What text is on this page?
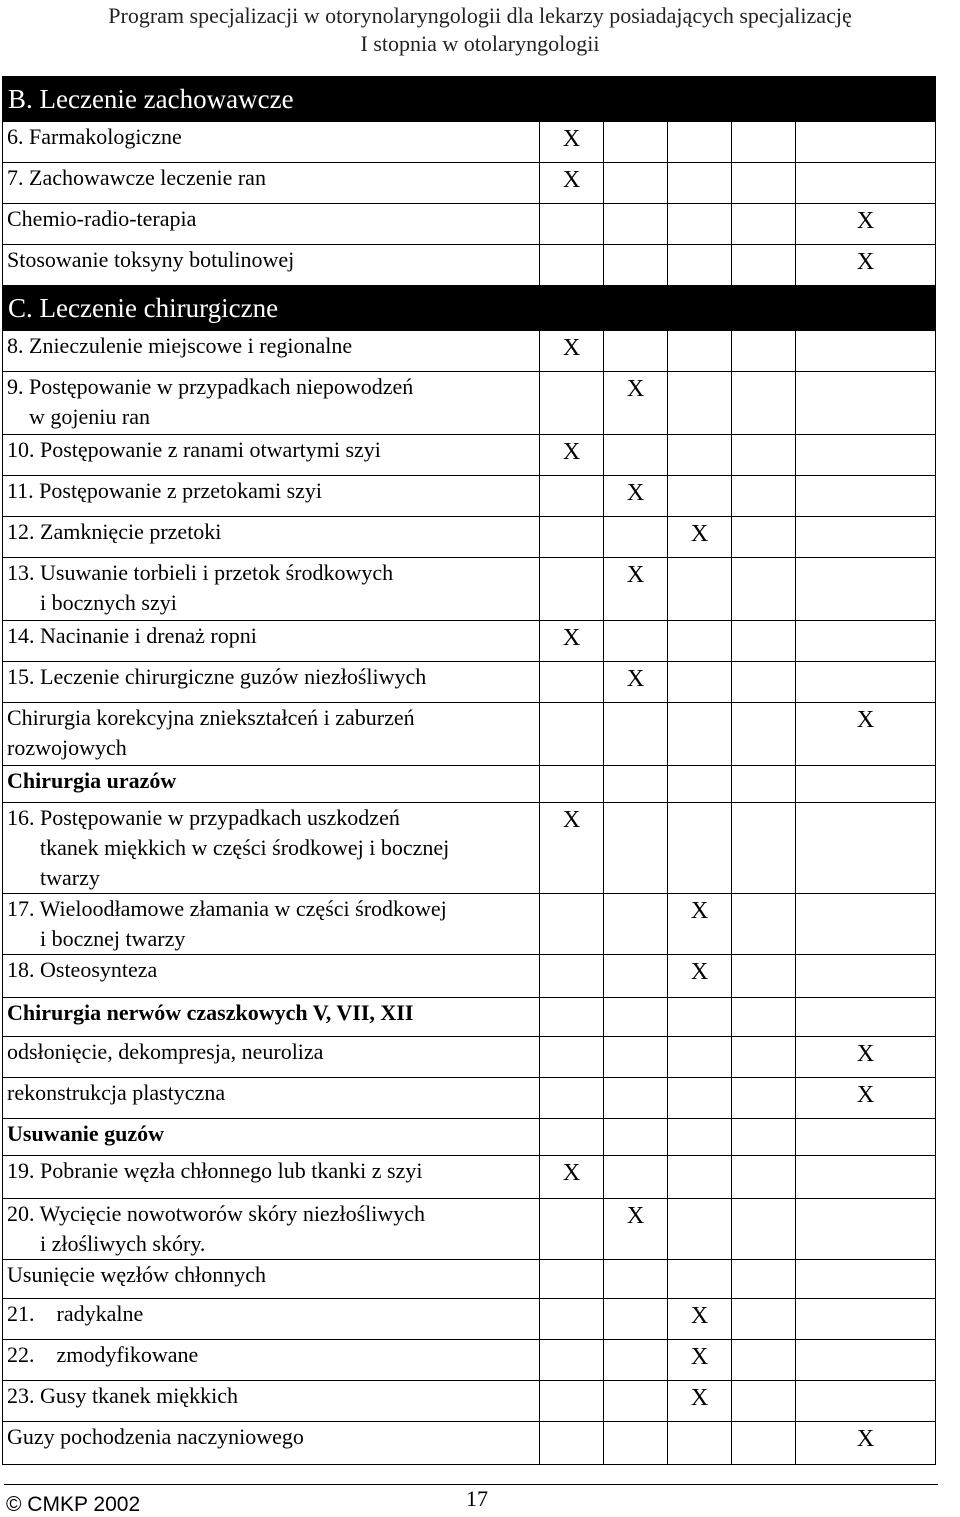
Program specjalizacji w otorynolaryngologii dla lekarzy posiadających specjalizację
I stopnia w otolaryngologii
B. Leczenie zachowawcze					
6. Farmakologiczne	X				
7. Zachowawcze leczenie ran	X				
Chemio-radio-terapia					X
Stosowanie toksyny botulinowej					X
C. Leczenie chirurgiczne					
8. Znieczulenie miejscowe i regionalne	X				
9. Postępowanie w przypadkach niepowodzeń
w gojeniu ran		X			
10. Postępowanie z ranami otwartymi szyi	X				
11. Postępowanie z przetokami szyi		X			
12. Zamknięcie przetoki			X		
13. Usuwanie torbieli i przetok środkowych
i bocznych szyi		X			
14. Nacinanie i drenaż ropni	X				
15. Leczenie chirurgiczne guzów niezłośliwych		X			
Chirurgia korekcyjna zniekształceń i zaburzeń
rozwojowych					X
Chirurgia urazów					
16. Postępowanie w przypadkach uszkodzeń
tkanek miękkich w części środkowej i bocznej
twarzy	X				
17. Wieloodłamowe złamania w części środkowej
i bocznej twarzy			X		
18. Osteosynteza			X		
Chirurgia nerwów czaszkowych V, VII, XII					
odsłonięcie, dekompresja, neuroliza					X
rekonstrukcja plastyczna					X
Usuwanie guzów					
19. Pobranie węzła chłonnego lub tkanki z szyi	X				
20. Wycięcie nowotworów skóry niezłośliwych
i złośliwych skóry.		X			
Usunięcie węzłów chłonnych					
21.    radykalne			X		
22.    zmodyfikowane			X		
23. Gusy tkanek miękkich			X		
Guzy pochodzenia naczyniowego					X
© CMKP 2002	17
